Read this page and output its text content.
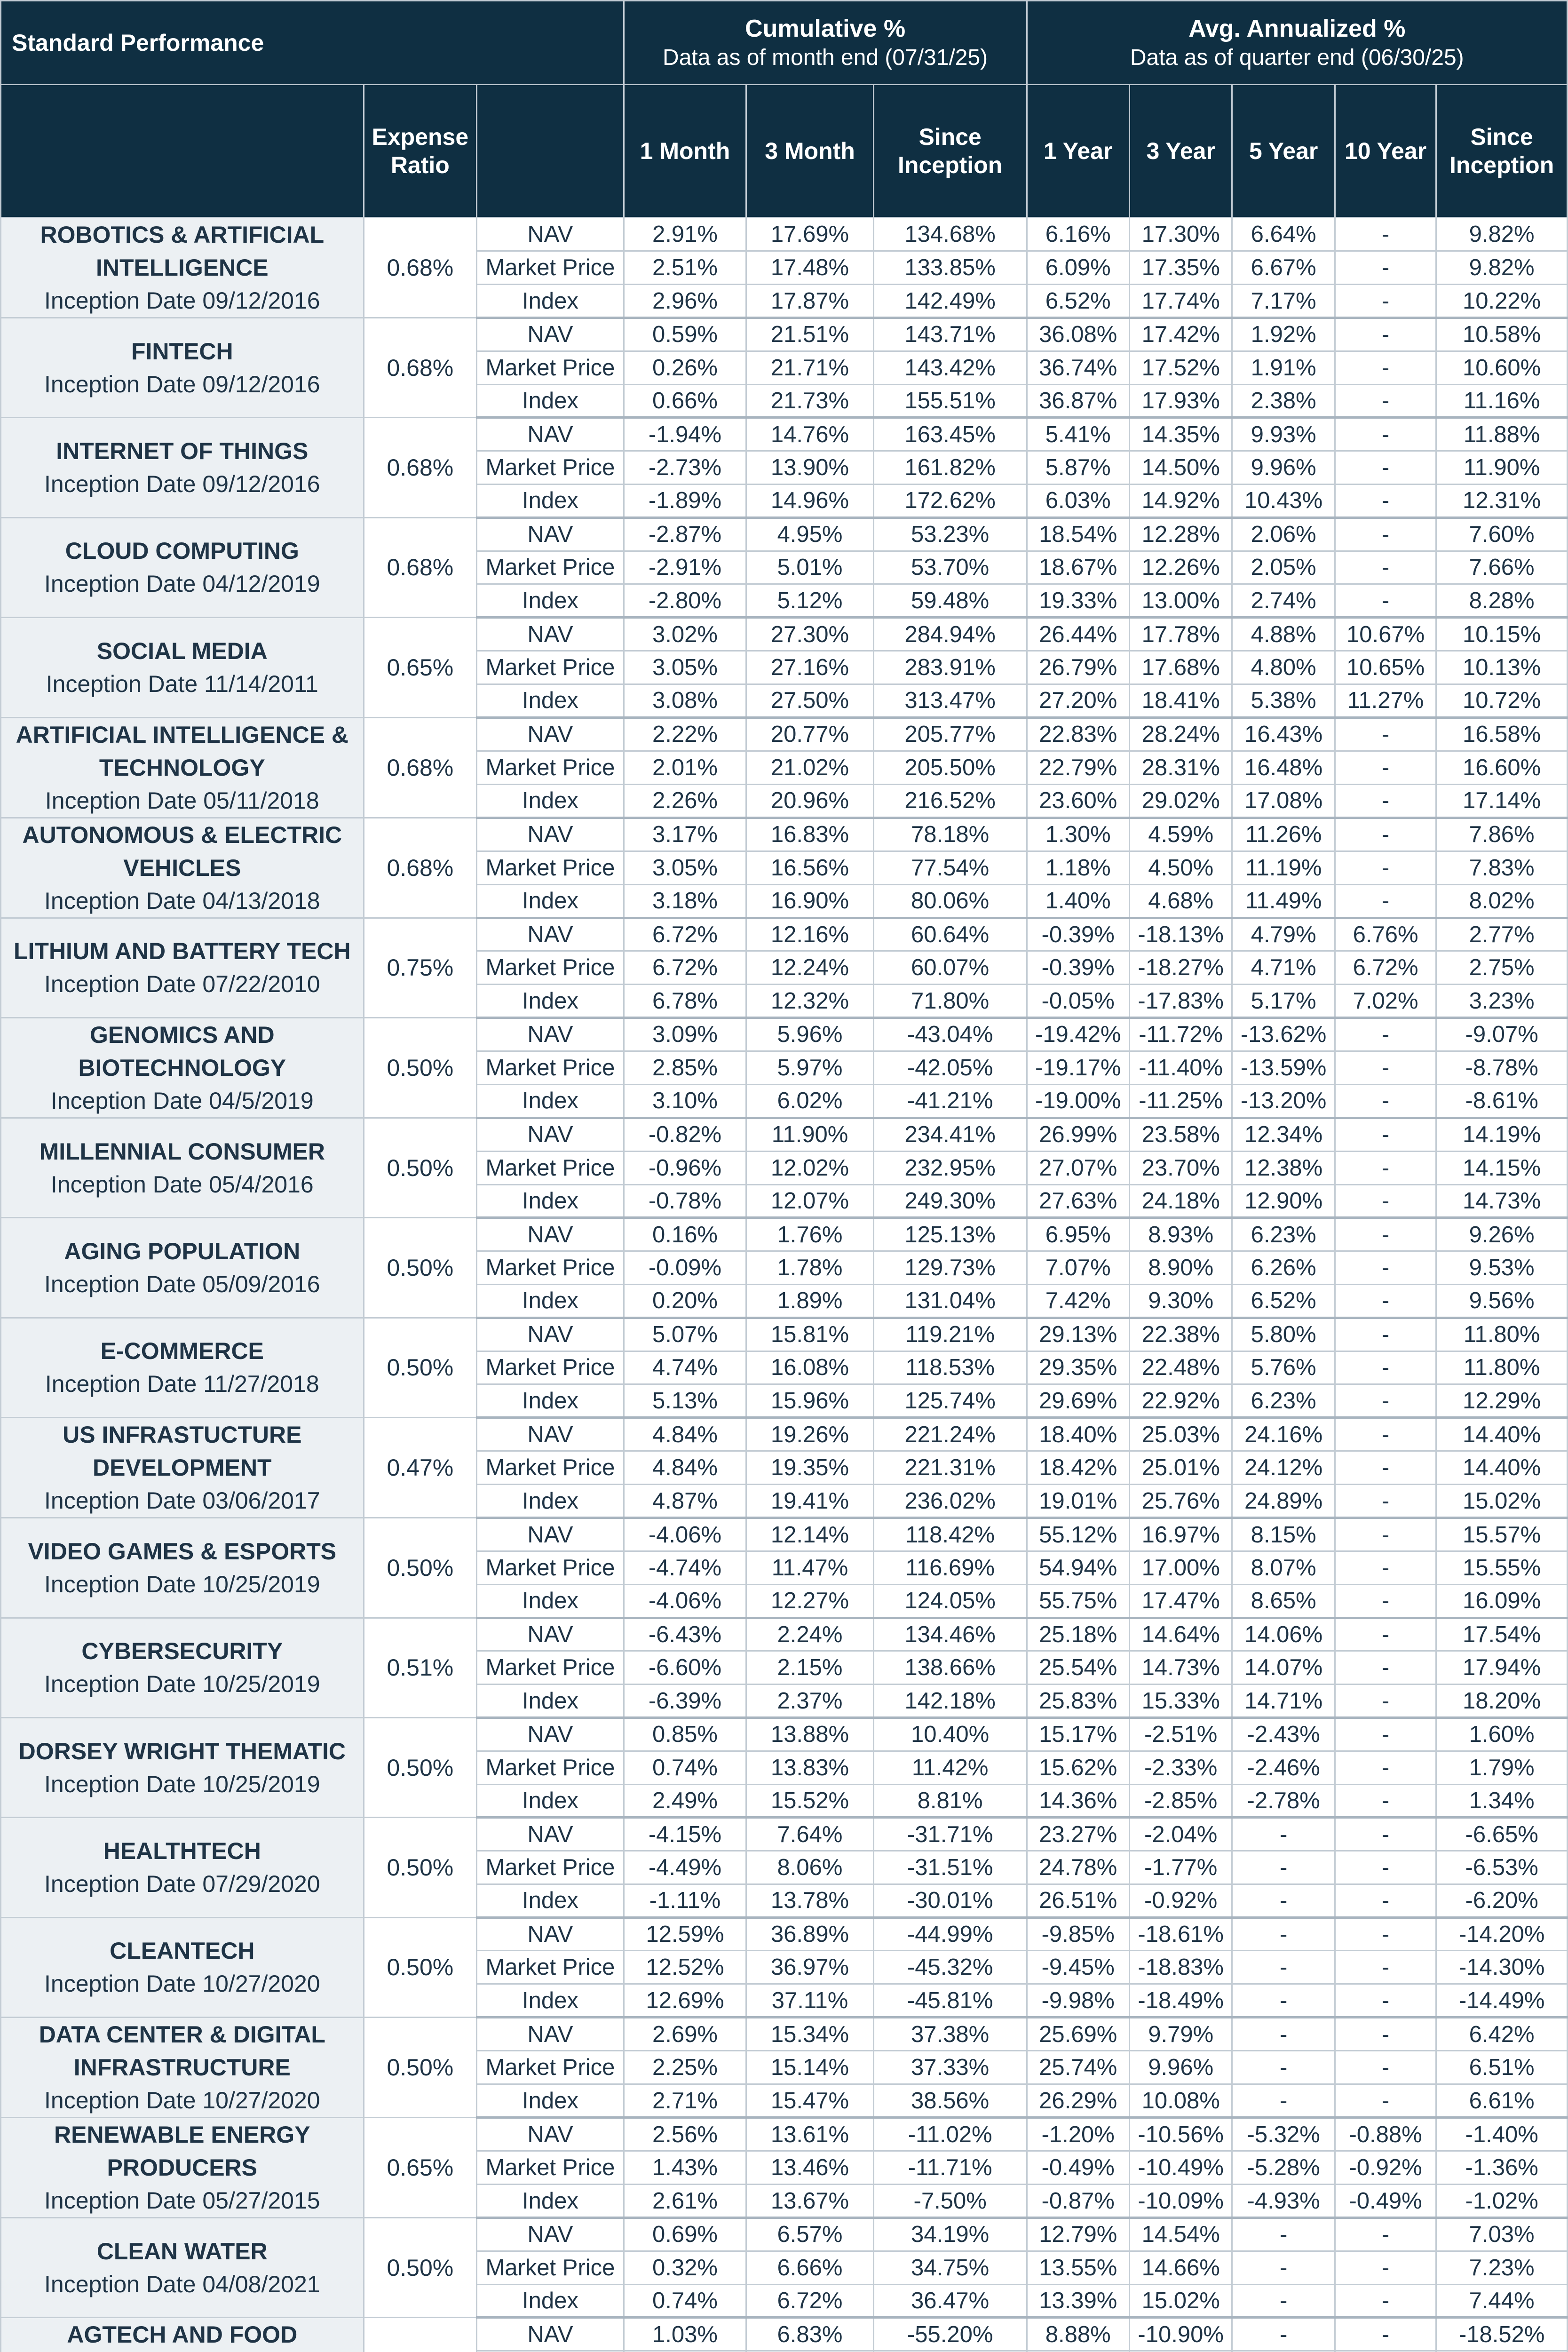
Standard Performance			Cumulative %
Data as of month end (07/31/25)			Avg. Annualized %
Data as of quarter end (06/30/25)				

	Expense Ratio		1 Month	3 Month	Since Inception	1 Year	3 Year	5 Year	10 Year	Since Inception

ROBOTICS & ARTIFICIAL INTELLIGENCE
Inception Date 09/12/2016	0.68%	NAV	2.91%	17.69%	134.68%	6.16%	17.30%	6.64%	-	9.82%
		Market Price	2.51%	17.48%	133.85%	6.09%	17.35%	6.67%	-	9.82%
		Index	2.96%	17.87%	142.49%	6.52%	17.74%	7.17%	-	10.22%

FINTECH
Inception Date 09/12/2016	0.68%	NAV	0.59%	21.51%	143.71%	36.08%	17.42%	1.92%	-	10.58%
		Market Price	0.26%	21.71%	143.42%	36.74%	17.52%	1.91%	-	10.60%
		Index	0.66%	21.73%	155.51%	36.87%	17.93%	2.38%	-	11.16%

INTERNET OF THINGS
Inception Date 09/12/2016	0.68%	NAV	-1.94%	14.76%	163.45%	5.41%	14.35%	9.93%	-	11.88%
		Market Price	-2.73%	13.90%	161.82%	5.87%	14.50%	9.96%	-	11.90%
		Index	-1.89%	14.96%	172.62%	6.03%	14.92%	10.43%	-	12.31%

CLOUD COMPUTING
Inception Date 04/12/2019	0.68%	NAV	-2.87%	4.95%	53.23%	18.54%	12.28%	2.06%	-	7.60%
		Market Price	-2.91%	5.01%	53.70%	18.67%	12.26%	2.05%	-	7.66%
		Index	-2.80%	5.12%	59.48%	19.33%	13.00%	2.74%	-	8.28%

SOCIAL MEDIA
Inception Date 11/14/2011	0.65%	NAV	3.02%	27.30%	284.94%	26.44%	17.78%	4.88%	10.67%	10.15%
		Market Price	3.05%	27.16%	283.91%	26.79%	17.68%	4.80%	10.65%	10.13%
		Index	3.08%	27.50%	313.47%	27.20%	18.41%	5.38%	11.27%	10.72%

ARTIFICIAL INTELLIGENCE & TECHNOLOGY
Inception Date 05/11/2018	0.68%	NAV	2.22%	20.77%	205.77%	22.83%	28.24%	16.43%	-	16.58%
		Market Price	2.01%	21.02%	205.50%	22.79%	28.31%	16.48%	-	16.60%
		Index	2.26%	20.96%	216.52%	23.60%	29.02%	17.08%	-	17.14%

AUTONOMOUS & ELECTRIC VEHICLES
Inception Date 04/13/2018	0.68%	NAV	3.17%	16.83%	78.18%	1.30%	4.59%	11.26%	-	7.86%
		Market Price	3.05%	16.56%	77.54%	1.18%	4.50%	11.19%	-	7.83%
		Index	3.18%	16.90%	80.06%	1.40%	4.68%	11.49%	-	8.02%

LITHIUM AND BATTERY TECH
Inception Date 07/22/2010	0.75%	NAV	6.72%	12.16%	60.64%	-0.39%	-18.13%	4.79%	6.76%	2.77%
		Market Price	6.72%	12.24%	60.07%	-0.39%	-18.27%	4.71%	6.72%	2.75%
		Index	6.78%	12.32%	71.80%	-0.05%	-17.83%	5.17%	7.02%	3.23%

GENOMICS AND BIOTECHNOLOGY
Inception Date 04/5/2019	0.50%	NAV	3.09%	5.96%	-43.04%	-19.42%	-11.72%	-13.62%	-	-9.07%
		Market Price	2.85%	5.97%	-42.05%	-19.17%	-11.40%	-13.59%	-	-8.78%
		Index	3.10%	6.02%	-41.21%	-19.00%	-11.25%	-13.20%	-	-8.61%

MILLENNIAL CONSUMER
Inception Date 05/4/2016	0.50%	NAV	-0.82%	11.90%	234.41%	26.99%	23.58%	12.34%	-	14.19%
		Market Price	-0.96%	12.02%	232.95%	27.07%	23.70%	12.38%	-	14.15%
		Index	-0.78%	12.07%	249.30%	27.63%	24.18%	12.90%	-	14.73%

AGING POPULATION
Inception Date 05/09/2016	0.50%	NAV	0.16%	1.76%	125.13%	6.95%	8.93%	6.23%	-	9.26%
		Market Price	-0.09%	1.78%	129.73%	7.07%	8.90%	6.26%	-	9.53%
		Index	0.20%	1.89%	131.04%	7.42%	9.30%	6.52%	-	9.56%

E-COMMERCE
Inception Date 11/27/2018	0.50%	NAV	5.07%	15.81%	119.21%	29.13%	22.38%	5.80%	-	11.80%
		Market Price	4.74%	16.08%	118.53%	29.35%	22.48%	5.76%	-	11.80%
		Index	5.13%	15.96%	125.74%	29.69%	22.92%	6.23%	-	12.29%

US INFRASTUCTURE DEVELOPMENT
Inception Date 03/06/2017	0.47%	NAV	4.84%	19.26%	221.24%	18.40%	25.03%	24.16%	-	14.40%
		Market Price	4.84%	19.35%	221.31%	18.42%	25.01%	24.12%	-	14.40%
		Index	4.87%	19.41%	236.02%	19.01%	25.76%	24.89%	-	15.02%

VIDEO GAMES & ESPORTS
Inception Date 10/25/2019	0.50%	NAV	-4.06%	12.14%	118.42%	55.12%	16.97%	8.15%	-	15.57%
		Market Price	-4.74%	11.47%	116.69%	54.94%	17.00%	8.07%	-	15.55%
		Index	-4.06%	12.27%	124.05%	55.75%	17.47%	8.65%	-	16.09%

CYBERSECURITY
Inception Date 10/25/2019	0.51%	NAV	-6.43%	2.24%	134.46%	25.18%	14.64%	14.06%	-	17.54%
		Market Price	-6.60%	2.15%	138.66%	25.54%	14.73%	14.07%	-	17.94%
		Index	-6.39%	2.37%	142.18%	25.83%	15.33%	14.71%	-	18.20%

DORSEY WRIGHT THEMATIC
Inception Date 10/25/2019	0.50%	NAV	0.85%	13.88%	10.40%	15.17%	-2.51%	-2.43%	-	1.60%
		Market Price	0.74%	13.83%	11.42%	15.62%	-2.33%	-2.46%	-	1.79%
		Index	2.49%	15.52%	8.81%	14.36%	-2.85%	-2.78%	-	1.34%

HEALTHTECH
Inception Date 07/29/2020	0.50%	NAV	-4.15%	7.64%	-31.71%	23.27%	-2.04%	-	-	-6.65%
		Market Price	-4.49%	8.06%	-31.51%	24.78%	-1.77%	-	-	-6.53%
		Index	-1.11%	13.78%	-30.01%	26.51%	-0.92%	-	-	-6.20%

CLEANTECH
Inception Date 10/27/2020	0.50%	NAV	12.59%	36.89%	-44.99%	-9.85%	-18.61%	-	-	-14.20%
		Market Price	12.52%	36.97%	-45.32%	-9.45%	-18.83%	-	-	-14.30%
		Index	12.69%	37.11%	-45.81%	-9.98%	-18.49%	-	-	-14.49%

DATA CENTER & DIGITAL INFRASTRUCTURE
Inception Date 10/27/2020	0.50%	NAV	2.69%	15.34%	37.38%	25.69%	9.79%	-	-	6.42%
		Market Price	2.25%	15.14%	37.33%	25.74%	9.96%	-	-	6.51%
		Index	2.71%	15.47%	38.56%	26.29%	10.08%	-	-	6.61%

RENEWABLE ENERGY PRODUCERS
Inception Date 05/27/2015	0.65%	NAV	2.56%	13.61%	-11.02%	-1.20%	-10.56%	-5.32%	-0.88%	-1.40%
		Market Price	1.43%	13.46%	-11.71%	-0.49%	-10.49%	-5.28%	-0.92%	-1.36%
		Index	2.61%	13.67%	-7.50%	-0.87%	-10.09%	-4.93%	-0.49%	-1.02%

CLEAN WATER
Inception Date 04/08/2021	0.50%	NAV	0.69%	6.57%	34.19%	12.79%	14.54%	-	-	7.03%
		Market Price	0.32%	6.66%	34.75%	13.55%	14.66%	-	-	7.23%
		Index	0.74%	6.72%	36.47%	13.39%	15.02%	-	-	7.44%

AGTECH AND FOOD		NAV	1.03%	6.83%	-55.20%	8.88%	-10.90%	-	-	-18.52%
